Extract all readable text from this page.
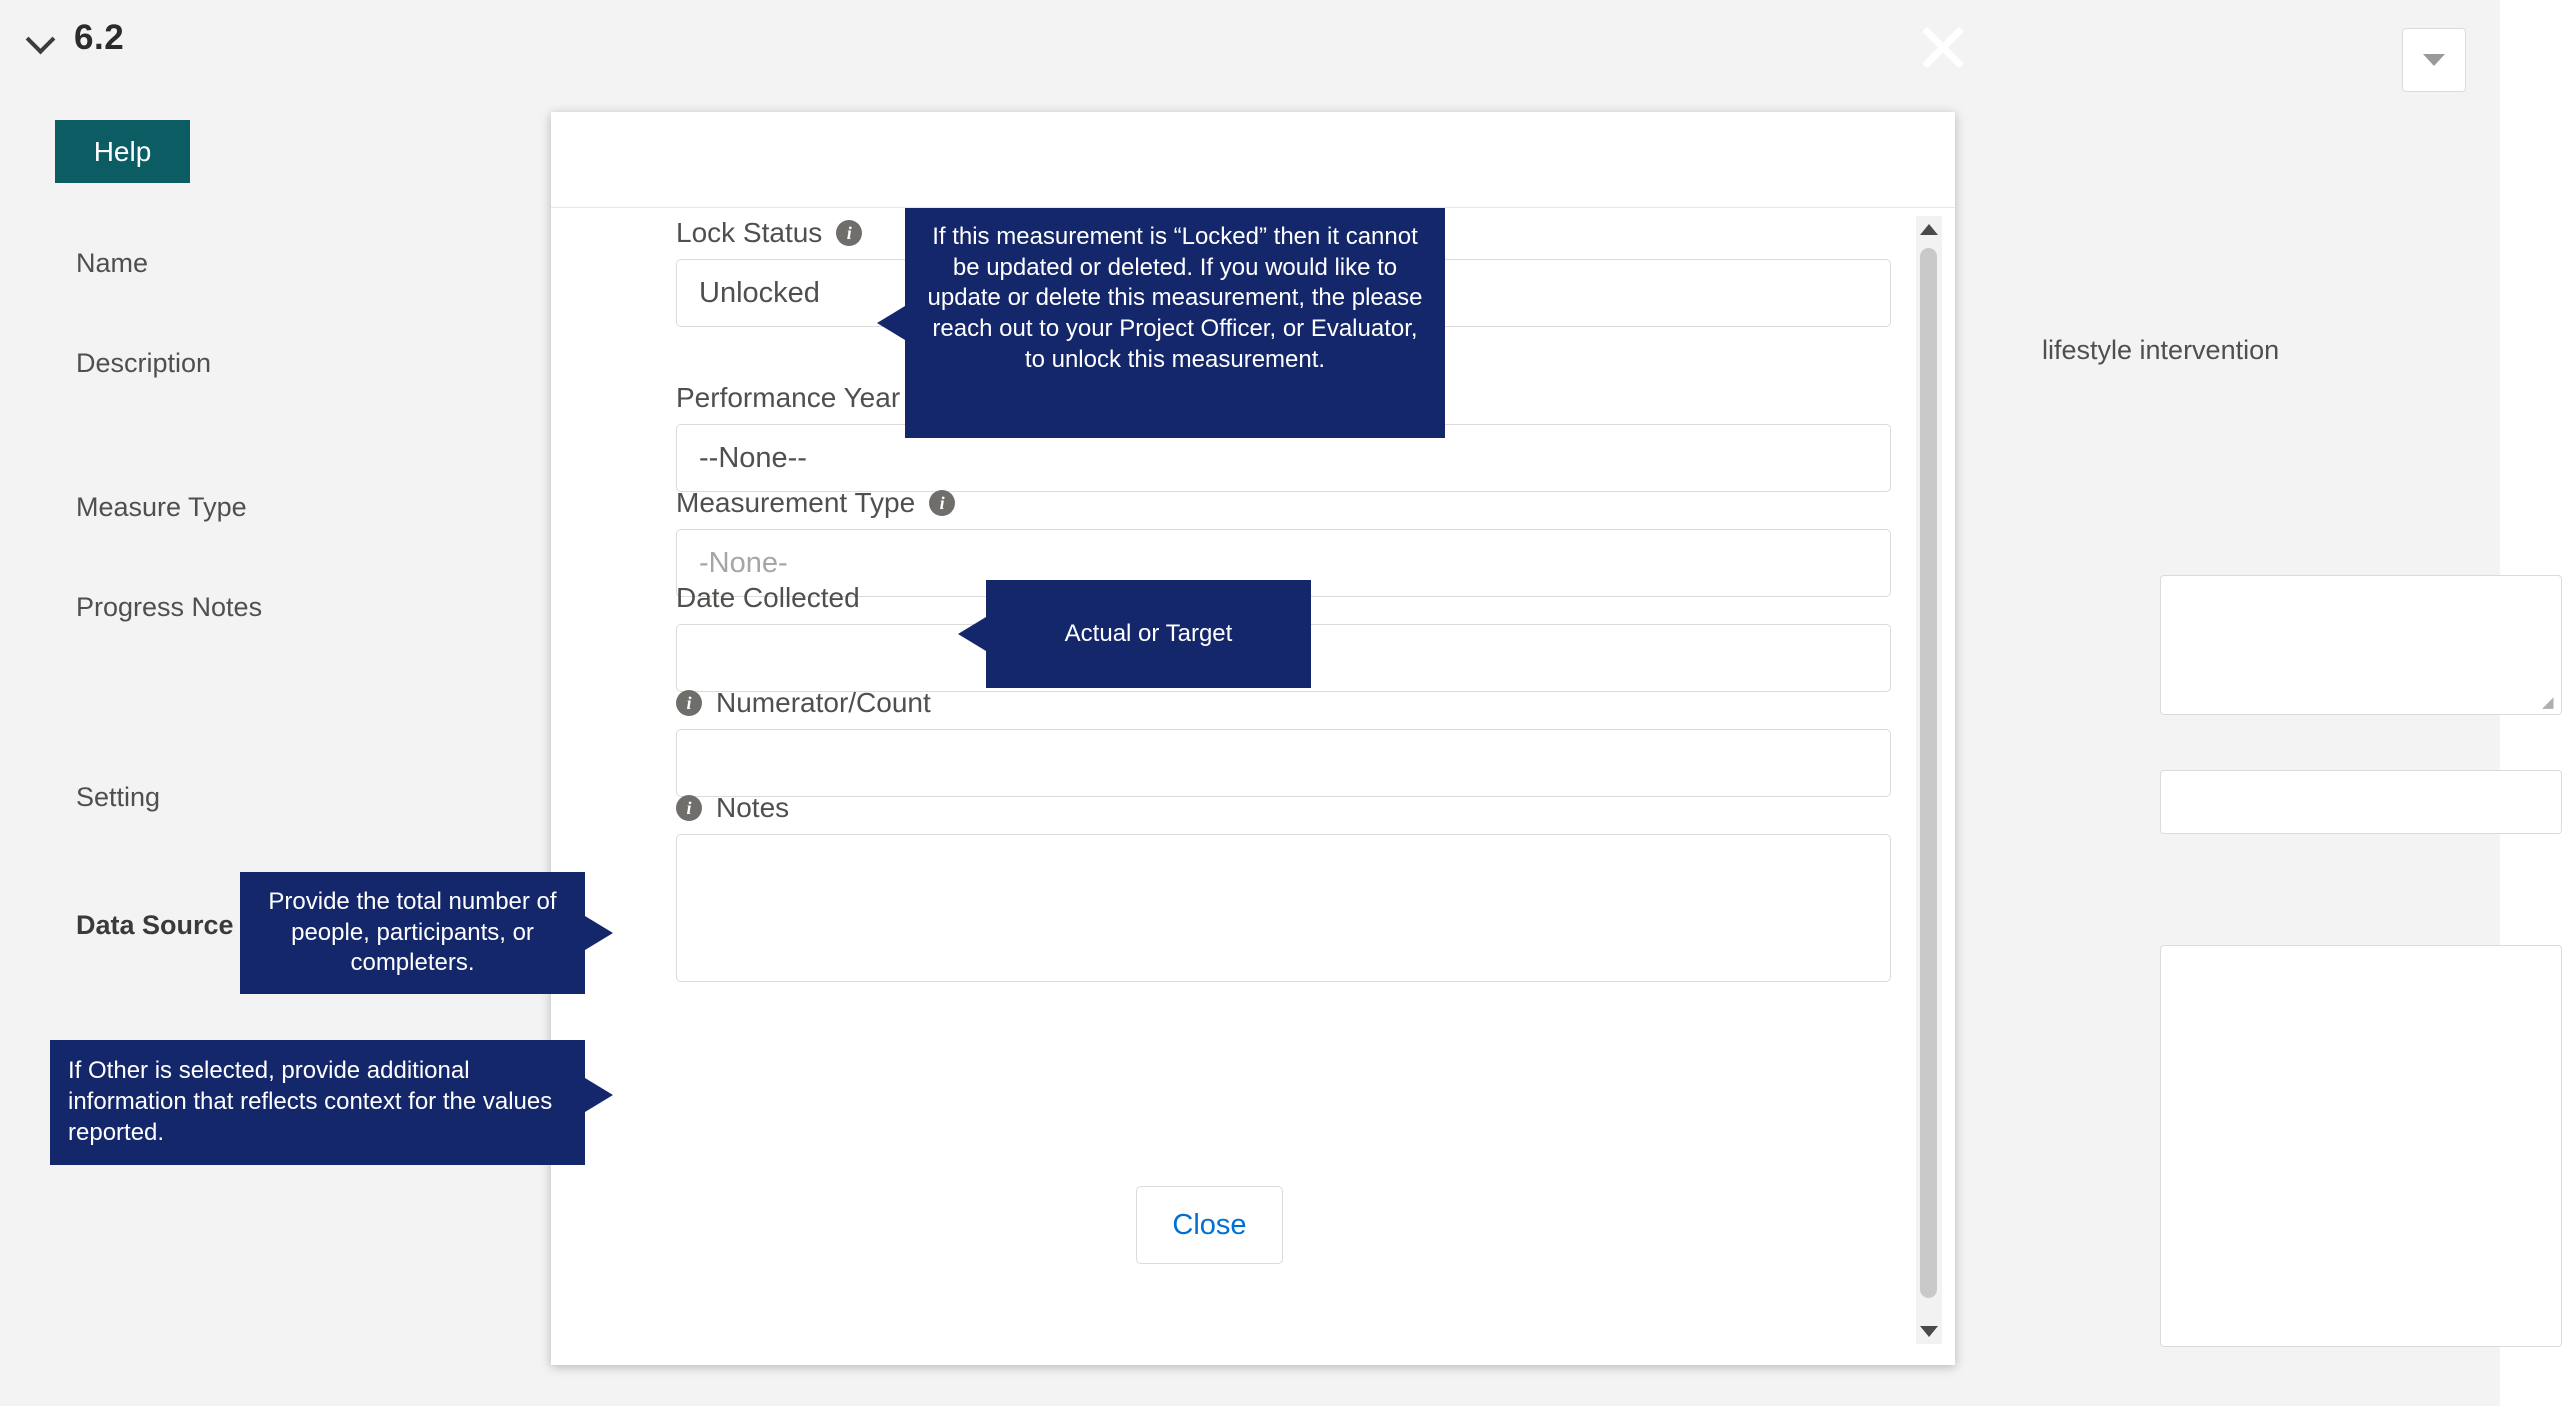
6.2
Help
Name
Description
Measure Type
Progress Notes
Setting
Data Source
lifestyle intervention
◢
Lock Status	i
Unlocked
Performance Year
--None--
Measurement Type	i
-None-
Date Collected
i Numerator/Count
i Notes
Close
If this measurement is “Locked” then it cannot be updated or deleted. If you would like to update or delete this measurement, the please reach out to your Project Officer, or Evaluator, to unlock this measurement.
Actual or Target
Provide the total number of people, participants, or completers.
If Other is selected, provide additional information that reflects context for the values reported.
